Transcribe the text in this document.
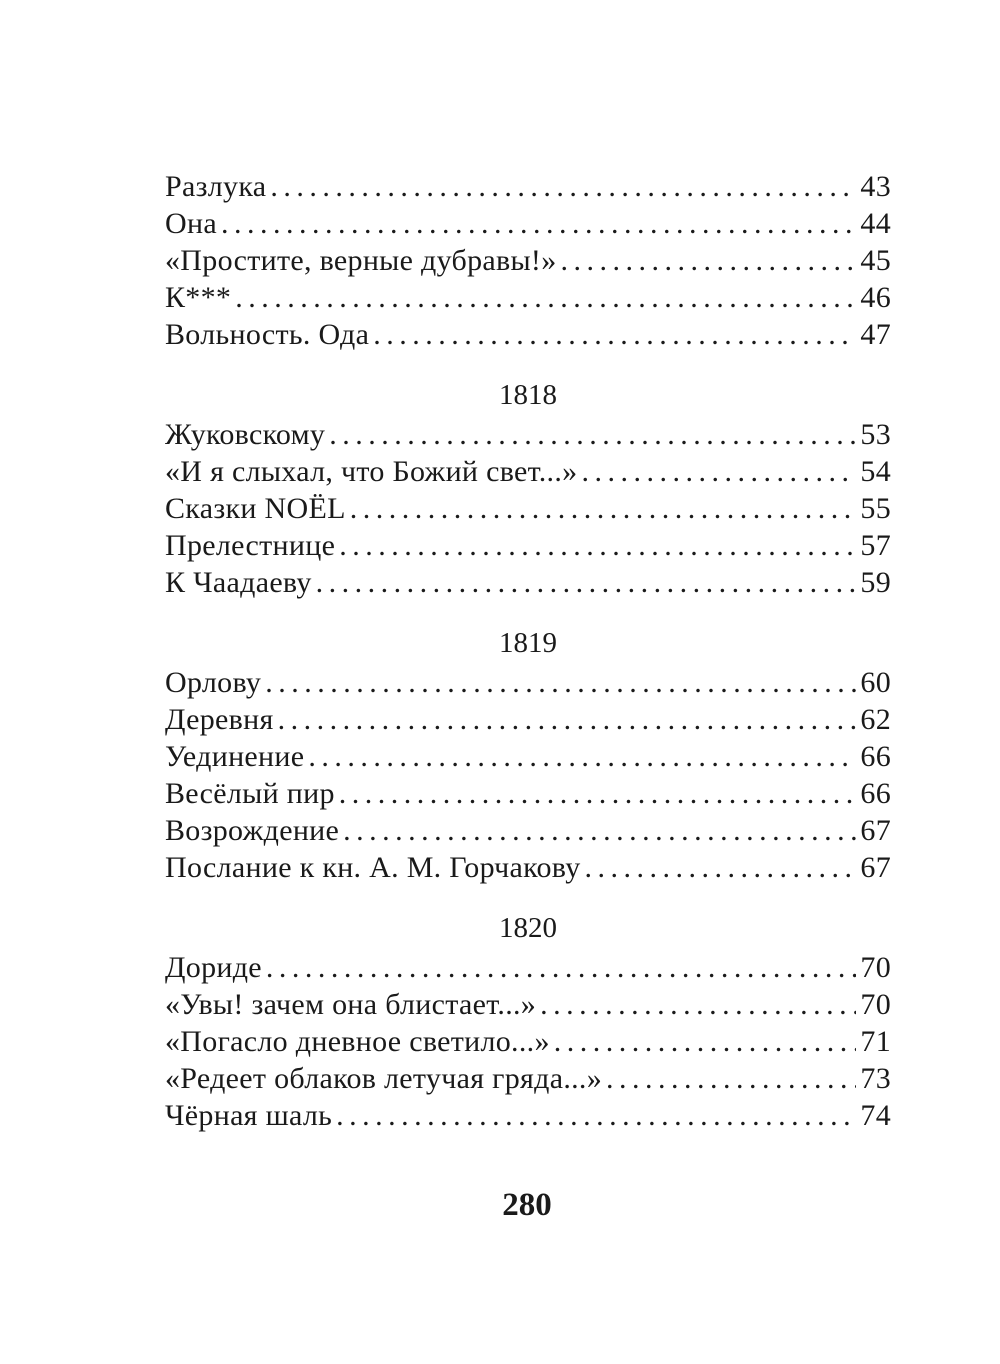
Разлука . . .	43
Она . . .	44
«Простите, верные дубравы!» . . .	45
К*** . . .	46
Вольность. Ода . . .	47
1818
Жуковскому . . .	53
«И я слыхал, что Божий свет...» . . .	54
Сказки NOЁL . . .	55
Прелестнице . . .	57
К Чаадаеву . . .	59
1819
Орлову . . .	60
Деревня . . .	62
Уединение . . .	66
Весёлый пир . . .	66
Возрождение . . .	67
Послание к кн. А. М. Горчакову . . .	67
1820
Дориде . . .	70
«Увы! зачем она блистает...» . . .	70
«Погасло дневное светило...» . . .	71
«Редеет облаков летучая гряда...» . . .	73
Чёрная шаль . . .	74
280
